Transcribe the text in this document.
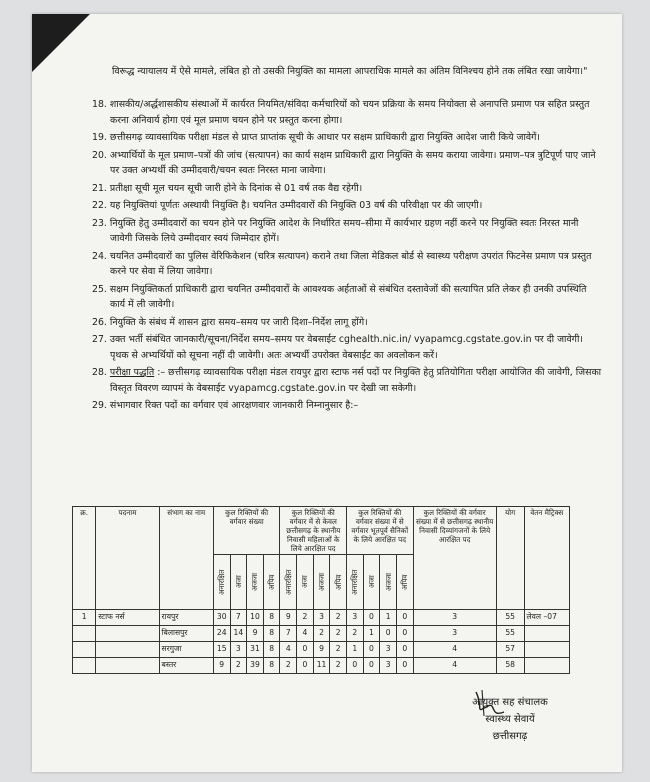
विरूद्ध न्यायालय में ऐसे मामले, लंबित हो तो उसकी नियुक्ति का मामला आपराधिक मामले का अंतिम विनिश्चय होने तक लंबित रखा जायेगा।"
18. शासकीय/अर्द्धशासकीय संस्थाओं में कार्यरत नियमित/संविदा कर्मचारियों को चयन प्रक्रिया के समय नियोक्ता से अनापत्ति प्रमाण पत्र सहित प्रस्तुत करना अनिवार्य होगा एवं मूल प्रमाण चयन होने पर प्रस्तुत करना होगा।
19. छत्तीसगढ़ व्यावसायिक परीक्षा मंडल से प्राप्त प्राप्तांक सूची के आधार पर सक्षम प्राधिकारी द्वारा नियुक्ति आदेश जारी किये जावेगें।
20. अभ्यार्थियों के मूल प्रमाण–पत्रों की जांच (सत्यापन) का कार्य सक्षम प्राधिकारी द्वारा नियुक्ति के समय कराया जावेगा। प्रमाण–पत्र त्रुटिपूर्ण पाए जाने पर उक्त अभ्यर्थी की उम्मीदवारी/चयन स्वतः निरस्त माना जावेगा।
21. प्रतीक्षा सूची मूल चयन सूची जारी होने के दिनांक से 01 वर्ष तक वैद्य रहेगी।
22. यह नियुक्तियां पूर्णतः अस्थायी नियुक्ति है। चयनित उम्मीदवारों की नियुक्ति 03 वर्ष की परिवीक्षा पर की जाएगी।
23. नियुक्ति हेतु उम्मीदवारों का चयन होने पर नियुक्ति आदेश के निर्धारित समय–सीमा में कार्यभार ग्रहण नहीं करने पर नियुक्ति स्वतः निरस्त मानी जावेगी जिसके लिये उम्मीदवार स्वयं जिम्मेदार होगें।
24. चयनित उम्मीदवारों का पुलिस वेरिफिकेशन (चरित्र सत्यापन) कराने तथा जिला मेडिकल बोर्ड से स्वास्थ्य परीक्षण उपरांत फिटनेस प्रमाण पत्र प्रस्तुत करने पर सेवा में लिया जावेगा।
25. सक्षम नियुक्तिकर्ता प्राधिकारी द्वारा चयनित उम्मीदवारों के आवश्यक अर्हताओं से संबंधित दस्तावेजों की सत्यापित प्रति लेकर ही उनकी उपस्थिति कार्य में ली जावेगी।
26. नियुक्ति के संबंध में शासन द्वारा समय–समय पर जारी दिशा–निर्देश लागू होंगे।
27. उक्त भर्ती संबंधित जानकारी/सूचना/निर्देश समय–समय पर वेबसाईट cghealth.nic.in/ vyapamcg.cgstate.gov.in पर दी जावेगी। पृथक से अभ्यर्थियों को सूचना नहीं दी जावेगी। अतः अभ्यर्थी उपरोक्त वेबसाईट का अवलोकन करें।
28. परीक्षा पद्धति :– छत्तीसगढ़ व्यावसायिक परीक्षा मंडल रायपुर द्वारा स्टाफ नर्स पदों पर नियुक्ति हेतु प्रतियोगिता परीक्षा आयोजित की जावेगी, जिसका विस्तृत विवरण व्यापमं के वेबसाईट vyapamcg.cgstate.gov.in पर देखी जा सकेगी।
29. संभागवार रिक्त पदों का वर्गवार एवं आरक्षणवार जानकारी निम्नानुसार है:–
क्र.	पदनाम	संभाग का नाम	कुल रिक्तियों की वर्गवार संख्या				कुल रिक्तियों की वर्गवार में से केवल छत्तीसगढ़ के स्थानीय निवासी महिलाओं के लिये आरक्षित पद				कुल रिक्तियों की वर्गवार संख्या में से वर्गवार भूतपूर्व सैनिकों के लिये आरक्षित पद				कुल रिक्तियों की वर्गवार संख्या में से छत्तीसगढ़ स्थानीय निवासी दिव्यांगजनों के लिये आरक्षित पद	योग	वेतन मैट्रिक्स

			अनारक्षित	अजा	अजजा	अपिव	अनारक्षित	अजा	अजजा	अपिव	अनारक्षित	अजा	अजजा	अपिव			

1	स्टाफ नर्स	रायपुर	30	7	10	8	9	2	3	2	3	0	1	0	3	55	लेवल –07
		बिलासपुर	24	14	9	8	7	4	2	2	2	1	0	0	3	55	
		सरगुजा	15	3	31	8	4	0	9	2	1	0	3	0	4	57	
		बस्तर	9	2	39	8	2	0	11	2	0	0	3	0	4	58	
आयुक्त सह संचालक
स्वास्थ्य सेवायें
छत्तीसगढ़
